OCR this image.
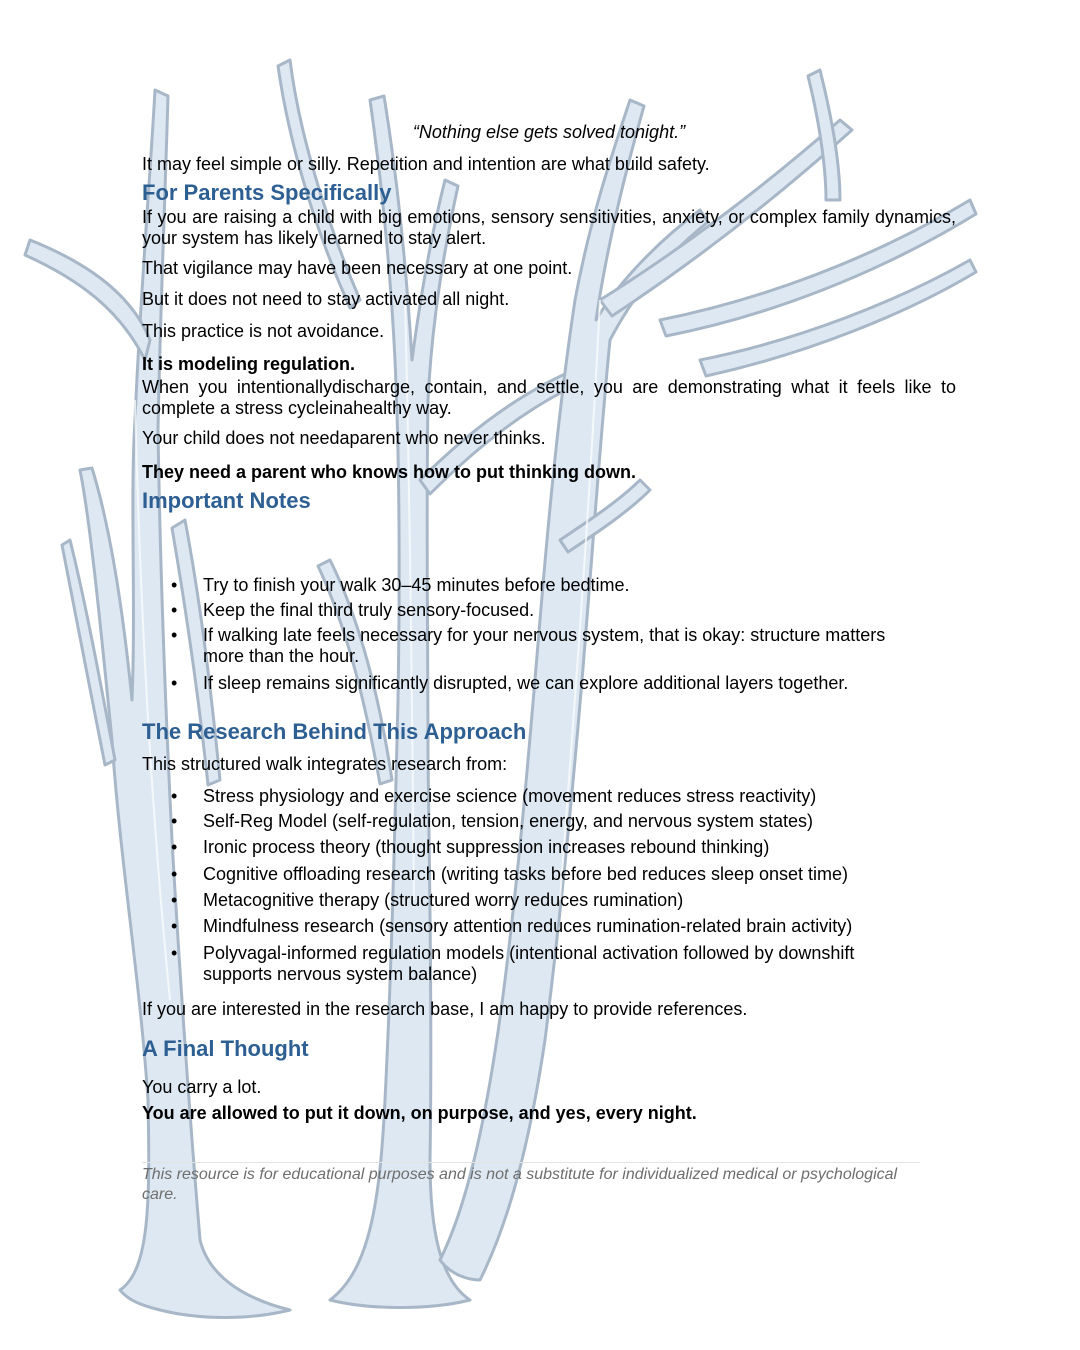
“Nothing else gets solved tonight.”

It may feel simple or silly. Repetition and intention are what build safety.

For Parents Specifically

If you are raising a child with big emotions, sensory sensitivities, anxiety, or complex family dynamics, your system has likely learned to stay alert.

That vigilance may have been necessary at one point.

But it does not need to stay activated all night.

This practice is not avoidance.

It is modeling regulation.

When you intentionallydischarge, contain, and settle, you are demonstrating what it feels like to complete a stress cycleinahealthy way.

Your child does not needaparent who never thinks.

They need a parent who knows how to put thinking down.

Important Notes
• Try to finish your walk 30–45 minutes before bedtime.
• Keep the final third truly sensory-focused.
• If walking late feels necessary for your nervous system, that is okay: structure matters more than the hour.
• If sleep remains significantly disrupted, we can explore additional layers together.
The Research Behind This Approach

This structured walk integrates research from:

• Stress physiology and exercise science (movement reduces stress reactivity)
• Self-Reg Model (self-regulation, tension, energy, and nervous system states)
• Ironic process theory (thought suppression increases rebound thinking)
• Cognitive offloading research (writing tasks before bed reduces sleep onset time)
• Metacognitive therapy (structured worry reduces rumination)
• Mindfulness research (sensory attention reduces rumination-related brain activity)
• Polyvagal-informed regulation models (intentional activation followed by downshift supports nervous system balance)

If you are interested in the research base, I am happy to provide references.

A Final Thought

You carry a lot.

You are allowed to put it down, on purpose, and yes, every night.

This resource is for educational purposes and is not a substitute for individualized medical or psychological care.
